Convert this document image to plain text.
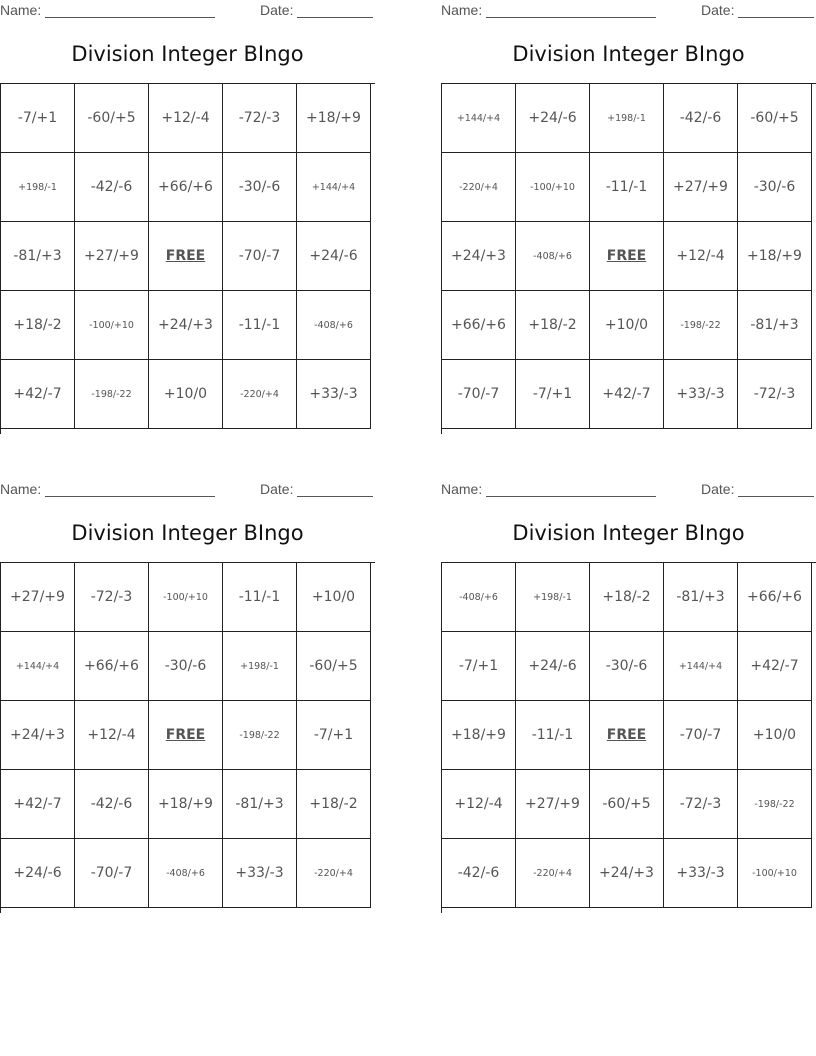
Name:	Date:
Division Integer BIngo
-7/+1	-60/+5	+12/-4	-72/-3	+18/+9
+198/-1	-42/-6	+66/+6	-30/-6	+144/+4
-81/+3	+27/+9	FREE	-70/-7	+24/-6
+18/-2	-100/+10	+24/+3	-11/-1	-408/+6
+42/-7	-198/-22	+10/0	-220/+4	+33/-3
Name:	Date:
Division Integer BIngo
+144/+4	+24/-6	+198/-1	-42/-6	-60/+5
-220/+4	-100/+10	-11/-1	+27/+9	-30/-6
+24/+3	-408/+6	FREE	+12/-4	+18/+9
+66/+6	+18/-2	+10/0	-198/-22	-81/+3
-70/-7	-7/+1	+42/-7	+33/-3	-72/-3
Name:	Date:
Division Integer BIngo
+27/+9	-72/-3	-100/+10	-11/-1	+10/0
+144/+4	+66/+6	-30/-6	+198/-1	-60/+5
+24/+3	+12/-4	FREE	-198/-22	-7/+1
+42/-7	-42/-6	+18/+9	-81/+3	+18/-2
+24/-6	-70/-7	-408/+6	+33/-3	-220/+4
Name:	Date:
Division Integer BIngo
-408/+6	+198/-1	+18/-2	-81/+3	+66/+6
-7/+1	+24/-6	-30/-6	+144/+4	+42/-7
+18/+9	-11/-1	FREE	-70/-7	+10/0
+12/-4	+27/+9	-60/+5	-72/-3	-198/-22
-42/-6	-220/+4	+24/+3	+33/-3	-100/+10
